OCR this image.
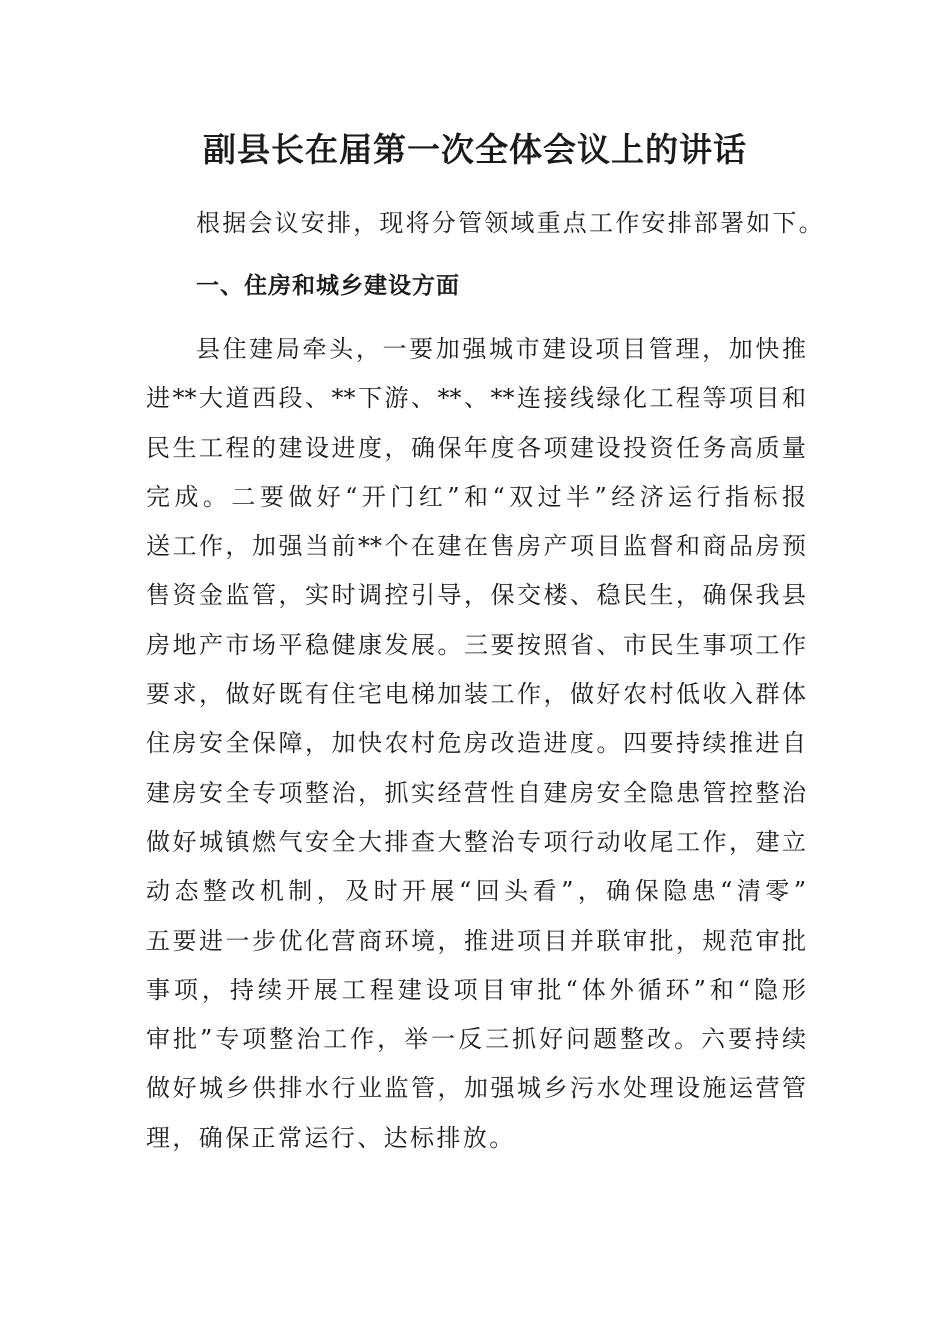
副县长在届第一次全体会议上的讲话

根据会议安排，现将分管领域重点工作安排部署如下。

一、住房和城乡建设方面
县住建局牵头，一要加强城市建设项目管理，加快推
进**大道西段、**下游、**、**连接线绿化工程等项目和
民生工程的建设进度，确保年度各项建设投资任务高质量
完成。二要做好“开门红”和“双过半”经济运行指标报
送工作，加强当前**个在建在售房产项目监督和商品房预
售资金监管，实时调控引导，保交楼、稳民生，确保我县
房地产市场平稳健康发展。三要按照省、市民生事项工作
要求，做好既有住宅电梯加装工作，做好农村低收入群体
住房安全保障，加快农村危房改造进度。四要持续推进自
建房安全专项整治，抓实经营性自建房安全隐患管控整治
做好城镇燃气安全大排查大整治专项行动收尾工作，建立
动态整改机制，及时开展“回头看”，确保隐患“清零”
五要进一步优化营商环境，推进项目并联审批，规范审批
事项，持续开展工程建设项目审批“体外循环”和“隐形
审批”专项整治工作，举一反三抓好问题整改。六要持续
做好城乡供排水行业监管，加强城乡污水处理设施运营管
理，确保正常运行、达标排放。
